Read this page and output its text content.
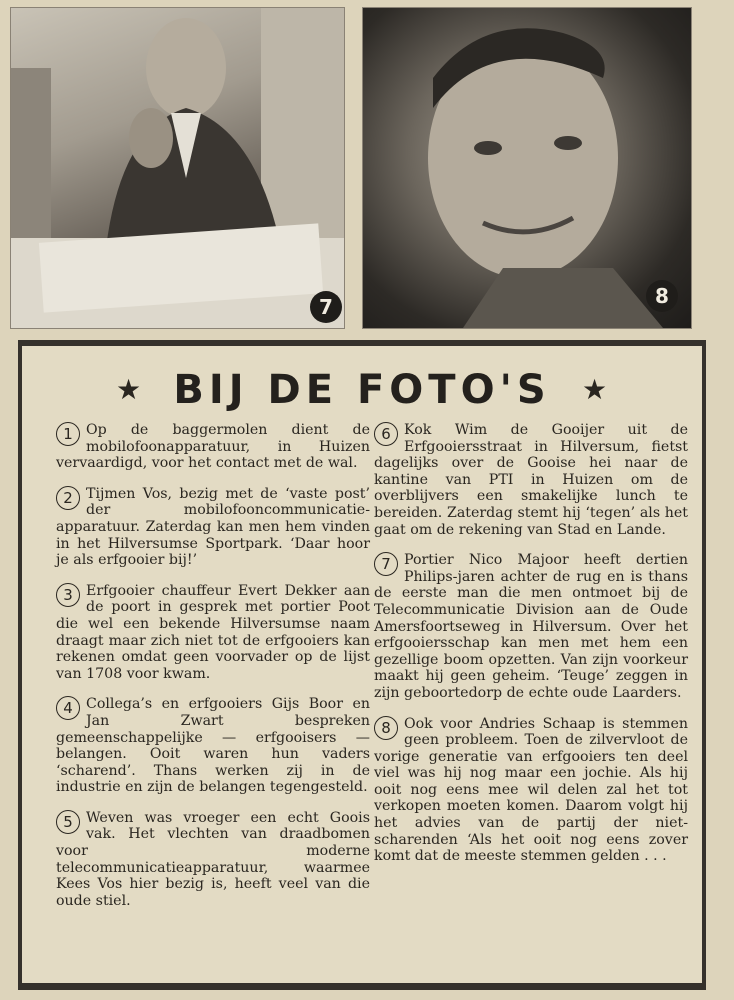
7	8
★ BIJ DE FOTO'S	★
1 Op de baggermolen dient de mobilofoonapparatuur, in Huizen vervaardigd, voor het contact met de wal.
2 Tijmen Vos, bezig met de ‘vaste post’ der mobilofooncommunicatie-apparatuur. Zaterdag kan men hem vinden in het Hilversumse Sportpark. ‘Daar hoor je als erfgooier bij!’
3 Erfgooier chauffeur Evert Dekker aan de poort in gesprek met portier Poot die wel een bekende Hilversumse naam draagt maar zich niet tot de erfgooiers kan rekenen omdat geen voorvader op de lijst van 1708 voor kwam.
4 Collega’s en erfgooiers Gijs Boor en Jan Zwart bespreken gemeenschappelijke — erfgooisers — belangen. Ooit waren hun vaders ‘scharend’. Thans werken zij in de industrie en zijn de belangen tegengesteld.
5 Weven was vroeger een echt Goois vak. Het vlechten van draadbomen voor moderne telecommunicatieapparatuur, waarmee Kees Vos hier bezig is, heeft veel van die oude stiel.
6 Kok Wim de Gooijer uit de Erfgooiersstraat in Hilversum, fietst dagelijks over de Gooise hei naar de kantine van PTI in Huizen om de overblijvers een smakelijke lunch te bereiden. Zaterdag stemt hij ‘tegen’ als het gaat om de rekening van Stad en Lande.
7 Portier Nico Majoor heeft dertien Philips-jaren achter de rug en is thans de eerste man die men ontmoet bij de Telecommunicatie Division aan de Oude Amersfoortseweg in Hilversum. Over het erfgooiersschap kan men met hem een gezellige boom opzetten. Van zijn voorkeur maakt hij geen geheim. ‘Teuge’ zeggen in zijn geboortedorp de echte oude Laarders.
8 Ook voor Andries Schaap is stemmen geen probleem. Toen de zilvervloot de vorige generatie van erfgooiers ten deel viel was hij nog maar een jochie. Als hij ooit nog eens mee wil delen zal het tot verkopen moeten komen. Daarom volgt hij het advies van de partij der niet-scharenden ‘Als het ooit nog eens zover komt dat de meeste stemmen gelden . . .
